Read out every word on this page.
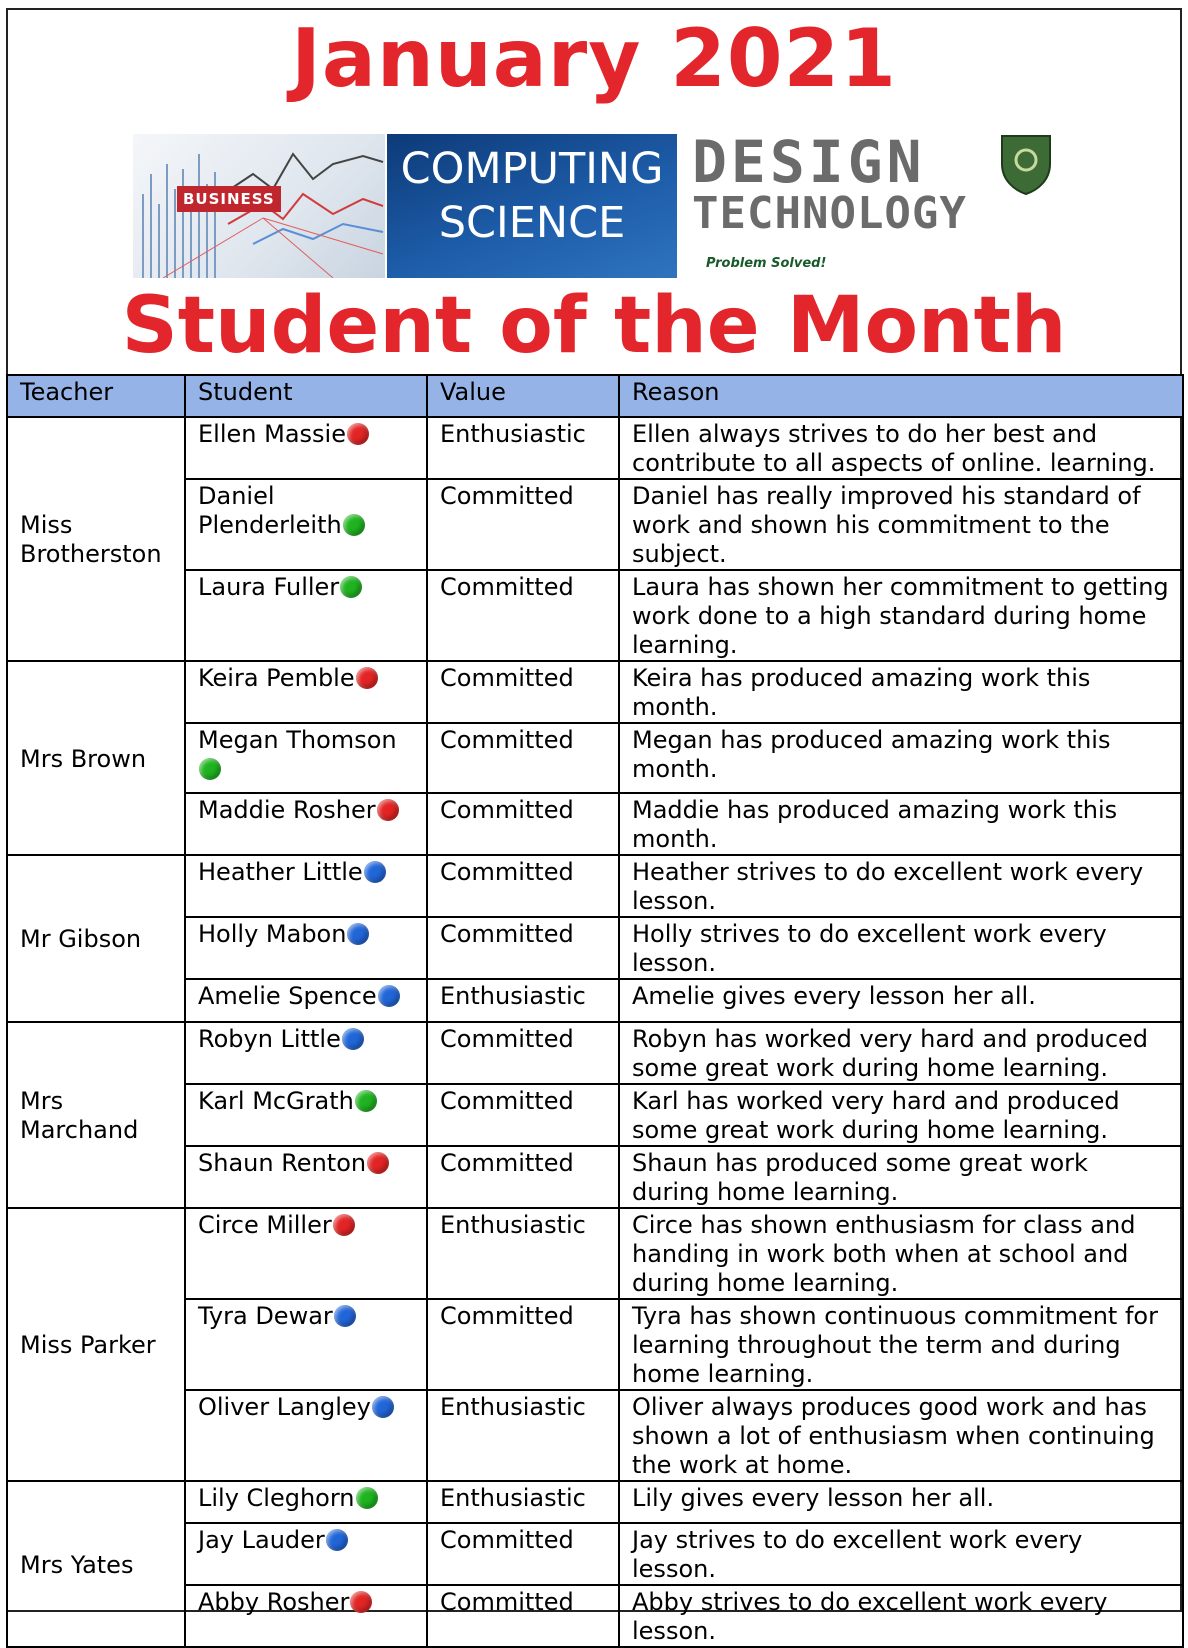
January 2021
BUSINESS
COMPUTING
SCIENCE
DESIGN
TECHNOLOGY
Problem Solved!
Student of the Month
Teacher	Student	Value	Reason
Miss Brotherston	Ellen Massie	Enthusiastic	Ellen always strives to do her best and contribute to all aspects of online. learning.
	Daniel Plenderleith	Committed	Daniel has really improved his standard of work and shown his commitment to the subject.
	Laura Fuller	Committed	Laura has shown her commitment to getting work done to a high standard during home learning.
Mrs Brown	Keira Pemble	Committed	Keira has produced amazing work this month.
	Megan Thomson	Committed	Megan has produced amazing work this month.
	Maddie Rosher	Committed	Maddie has produced amazing work this month.
Mr Gibson	Heather Little	Committed	Heather strives to do excellent work every lesson.
	Holly Mabon	Committed	Holly strives to do excellent work every lesson.
	Amelie Spence	Enthusiastic	Amelie gives every lesson her all.
Mrs Marchand	Robyn Little	Committed	Robyn has worked very hard and produced some great work during home learning.
	Karl McGrath	Committed	Karl has worked very hard and produced some great work during home learning.
	Shaun Renton	Committed	Shaun has produced some great work during home learning.
Miss Parker	Circe Miller	Enthusiastic	Circe has shown enthusiasm for class and handing in work both when at school and during home learning.
	Tyra Dewar	Committed	Tyra has shown continuous commitment for learning throughout the term and during home learning.
	Oliver Langley	Enthusiastic	Oliver always produces good work and has shown a lot of enthusiasm when continuing the work at home.
Mrs Yates	Lily Cleghorn	Enthusiastic	Lily gives every lesson her all.
	Jay Lauder	Committed	Jay strives to do excellent work every lesson.
	Abby Rosher	Committed	Abby strives to do excellent work every lesson.
